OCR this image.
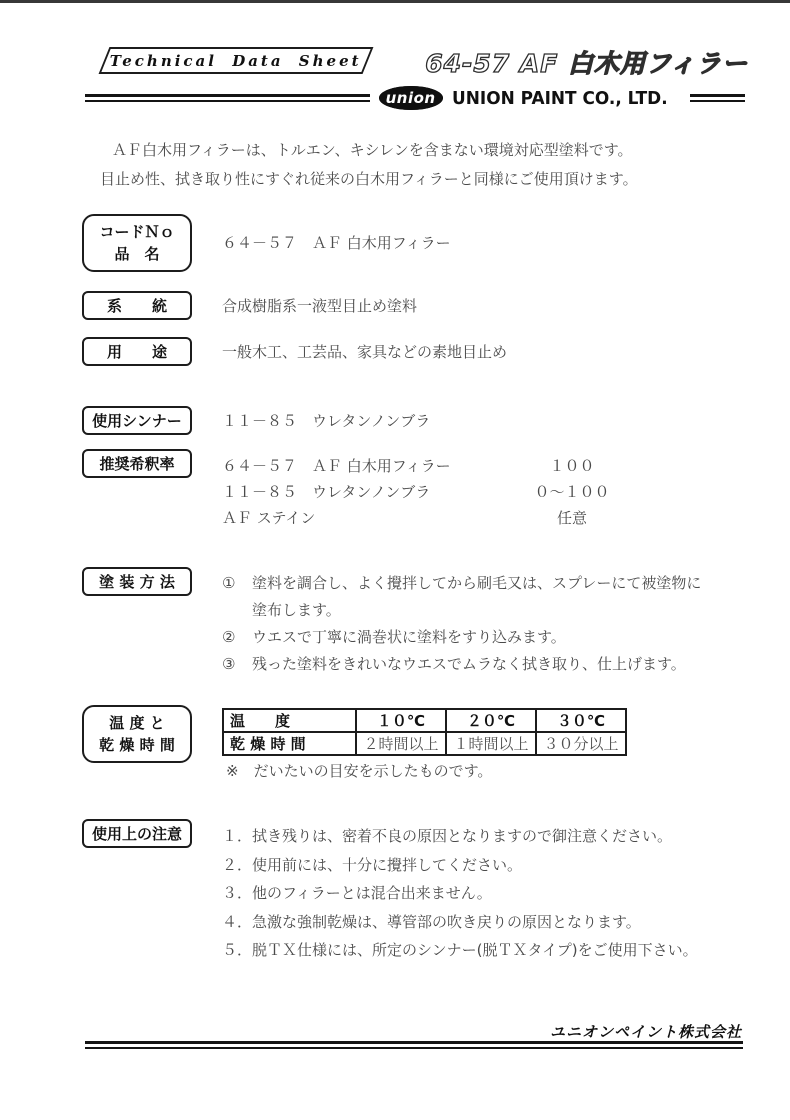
Technical Data Sheet	64-57 AF 白木用フィラー
union UNION PAINT CO., LTD.
ＡＦ白木用フィラーは、トルエン、キシレンを含まない環境対応型塗料です。
目止め性、拭き取り性にすぐれ従来の白木用フィラーと同様にご使用頂けます。
コードＮｏ
品　名
６４－５７　ＡＦ 白木用フィラー
系　　統	合成樹脂系一液型目止め塗料
用　　途	一般木工、工芸品、家具などの素地目止め
使用シンナー	１１－８５　ウレタンノンブラ
推奨希釈率	６４－５７　ＡＦ 白木用フィラー	１００
１１－８５　ウレタンノンブラ	０～１００
ＡＦ ステイン	任意
塗 装 方 法	①	塗料を調合し、よく攪拌してから刷毛又は、スプレーにて被塗物に塗布します。
②	ウエスで丁寧に渦巻状に塗料をすり込みます。
③	残った塗料をきれいなウエスでムラなく拭き取り、仕上げます。
温 度 と
乾 燥 時 間
温　　度	１０℃	２０℃	３０℃
乾 燥 時 間	２時間以上	１時間以上	３０分以上
※　だいたいの目安を示したものです。
使用上の注意	１．拭き残りは、密着不良の原因となりますので御注意ください。
２．使用前には、十分に攪拌してください。
３．他のフィラーとは混合出来ません。
４．急激な強制乾燥は、導管部の吹き戻りの原因となります。
５．脱ＴＸ仕様には、所定のシンナー(脱ＴＸタイプ)をご使用下さい。
ユニオンペイント株式会社
